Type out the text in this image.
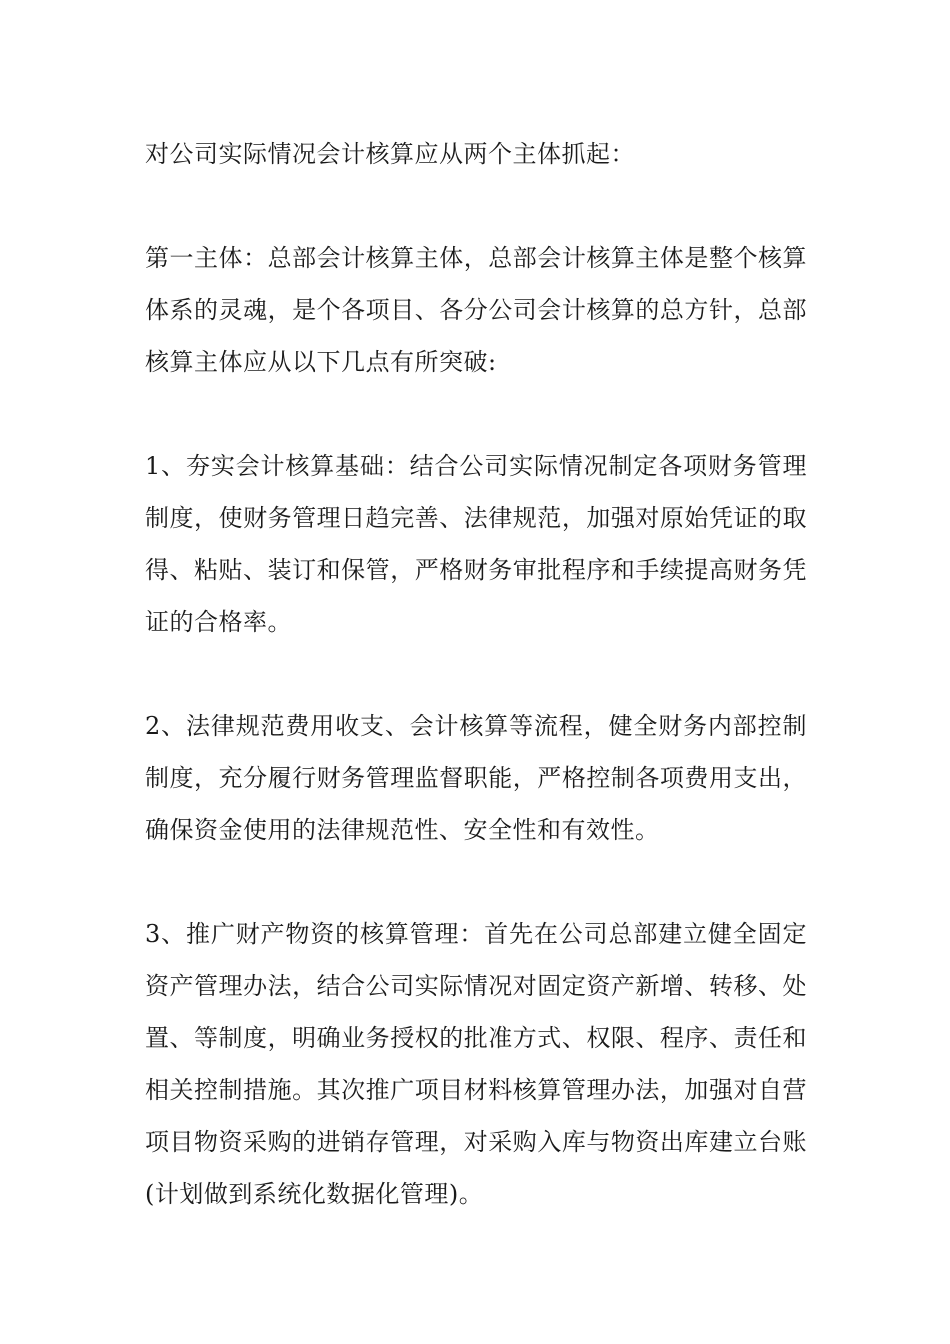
对公司实际情况会计核算应从两个主体抓起：

第一主体：总部会计核算主体，总部会计核算主体是整个核算体系的灵魂，是个各项目、各分公司会计核算的总方针，总部核算主体应从以下几点有所突破:

1、夯实会计核算基础：结合公司实际情况制定各项财务管理制度，使财务管理日趋完善、法律规范，加强对原始凭证的取得、粘贴、装订和保管，严格财务审批程序和手续提高财务凭证的合格率。

2、法律规范费用收支、会计核算等流程，健全财务内部控制制度，充分履行财务管理监督职能，严格控制各项费用支出，确保资金使用的法律规范性、安全性和有效性。

3、推广财产物资的核算管理：首先在公司总部建立健全固定资产管理办法，结合公司实际情况对固定资产新增、转移、处置、等制度，明确业务授权的批准方式、权限、程序、责任和相关控制措施。其次推广项目材料核算管理办法，加强对自营项目物资采购的进销存管理，对采购入库与物资出库建立台账(计划做到系统化数据化管理)。
